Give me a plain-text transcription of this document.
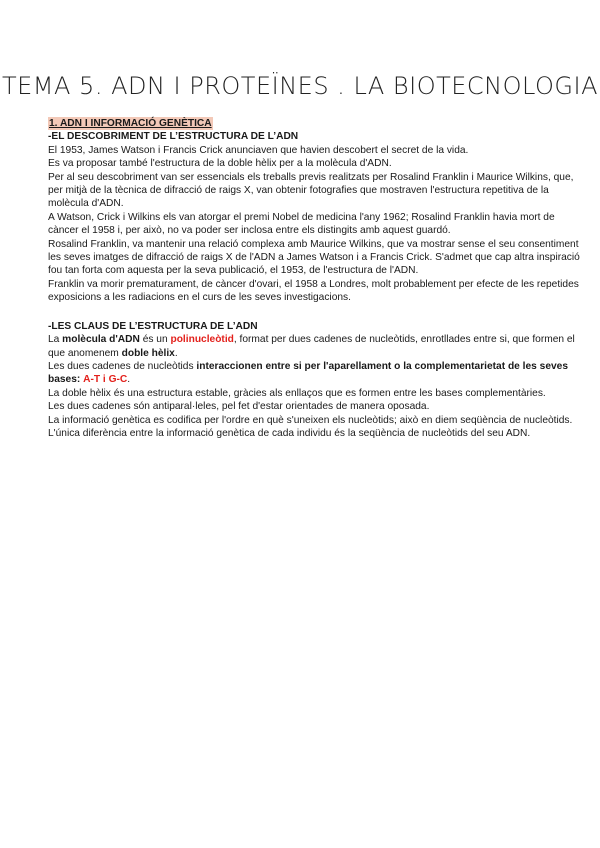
TEMA 5. ADN I PROTEÏNES . LA BIOTECNOLOGIA
1. ADN I INFORMACIÓ GENÈTICA
-EL DESCOBRIMENT DE L’ESTRUCTURA DE L’ADN

El 1953, James Watson i Francis Crick anunciaven que havien descobert el secret de la vida.

Es va proposar també l'estructura de la doble hèlix per a la molècula d'ADN.

Per al seu descobriment van ser essencials els treballs previs realitzats per Rosalind Franklin i Maurice Wilkins, que, per mitjà de la tècnica de difracció de raigs X, van obtenir fotografies que mostraven l'estructura repetitiva de la molècula d'ADN.

A Watson, Crick i Wilkins els van atorgar el premi Nobel de medicina l'any 1962; Rosalind Franklin havia mort de càncer el 1958 i, per això, no va poder ser inclosa entre els distingits amb aquest guardó.

Rosalind Franklin, va mantenir una relació complexa amb Maurice Wilkins, que va mostrar sense el seu consentiment les seves imatges de difracció de raigs X de l'ADN a James Watson i a Francis Crick. S'admet que cap altra inspiració fou tan forta com aquesta per la seva publicació, el 1953, de l'estructura de l'ADN.

Franklin va morir prematurament, de càncer d'ovari, el 1958 a Londres, molt probablement per efecte de les repetides exposicions a les radiacions en el curs de les seves investigacions.

-LES CLAUS DE L’ESTRUCTURA DE L’ADN

La molècula d'ADN és un polinucleòtid, format per dues cadenes de nucleòtids, enrotllades entre si, que formen el que anomenem doble hèlix.

Les dues cadenes de nucleòtids interaccionen entre si per l'aparellament o la complementarietat de les seves bases: A-T i G-C.

La doble hèlix és una estructura estable, gràcies als enllaços que es formen entre les bases complementàries.

Les dues cadenes són antiparal·leles, pel fet d'estar orientades de manera oposada.

La informació genètica es codifica per l'ordre en què s'uneixen els nucleòtids; això en diem seqüència de nucleòtids.

L'única diferència entre la informació genètica de cada individu és la seqüència de nucleòtids del seu ADN.
